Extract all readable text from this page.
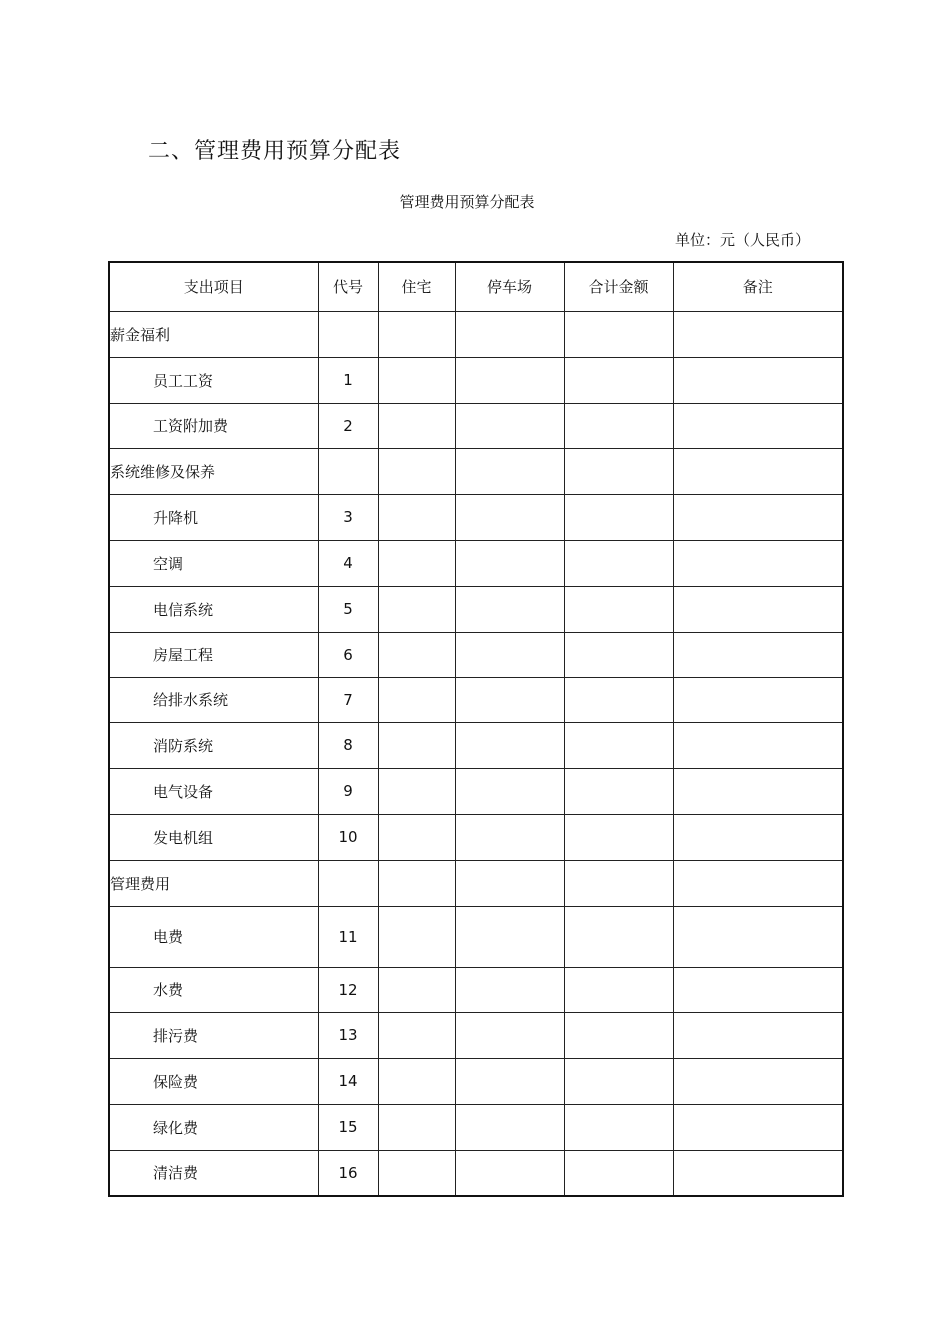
二、管理费用预算分配表
管理费用预算分配表
单位：元（人民币）
支出项目	代号	住宅	停车场	合计金额	备注
薪金福利					
员工工资	1				
工资附加费	2				
系统维修及保养					
升降机	3				
空调	4				
电信系统	5				
房屋工程	6				
给排水系统	7				
消防系统	8				
电气设备	9				
发电机组	10				
管理费用					
电费	11				
水费	12				
排污费	13				
保险费	14				
绿化费	15				
清洁费	16				
